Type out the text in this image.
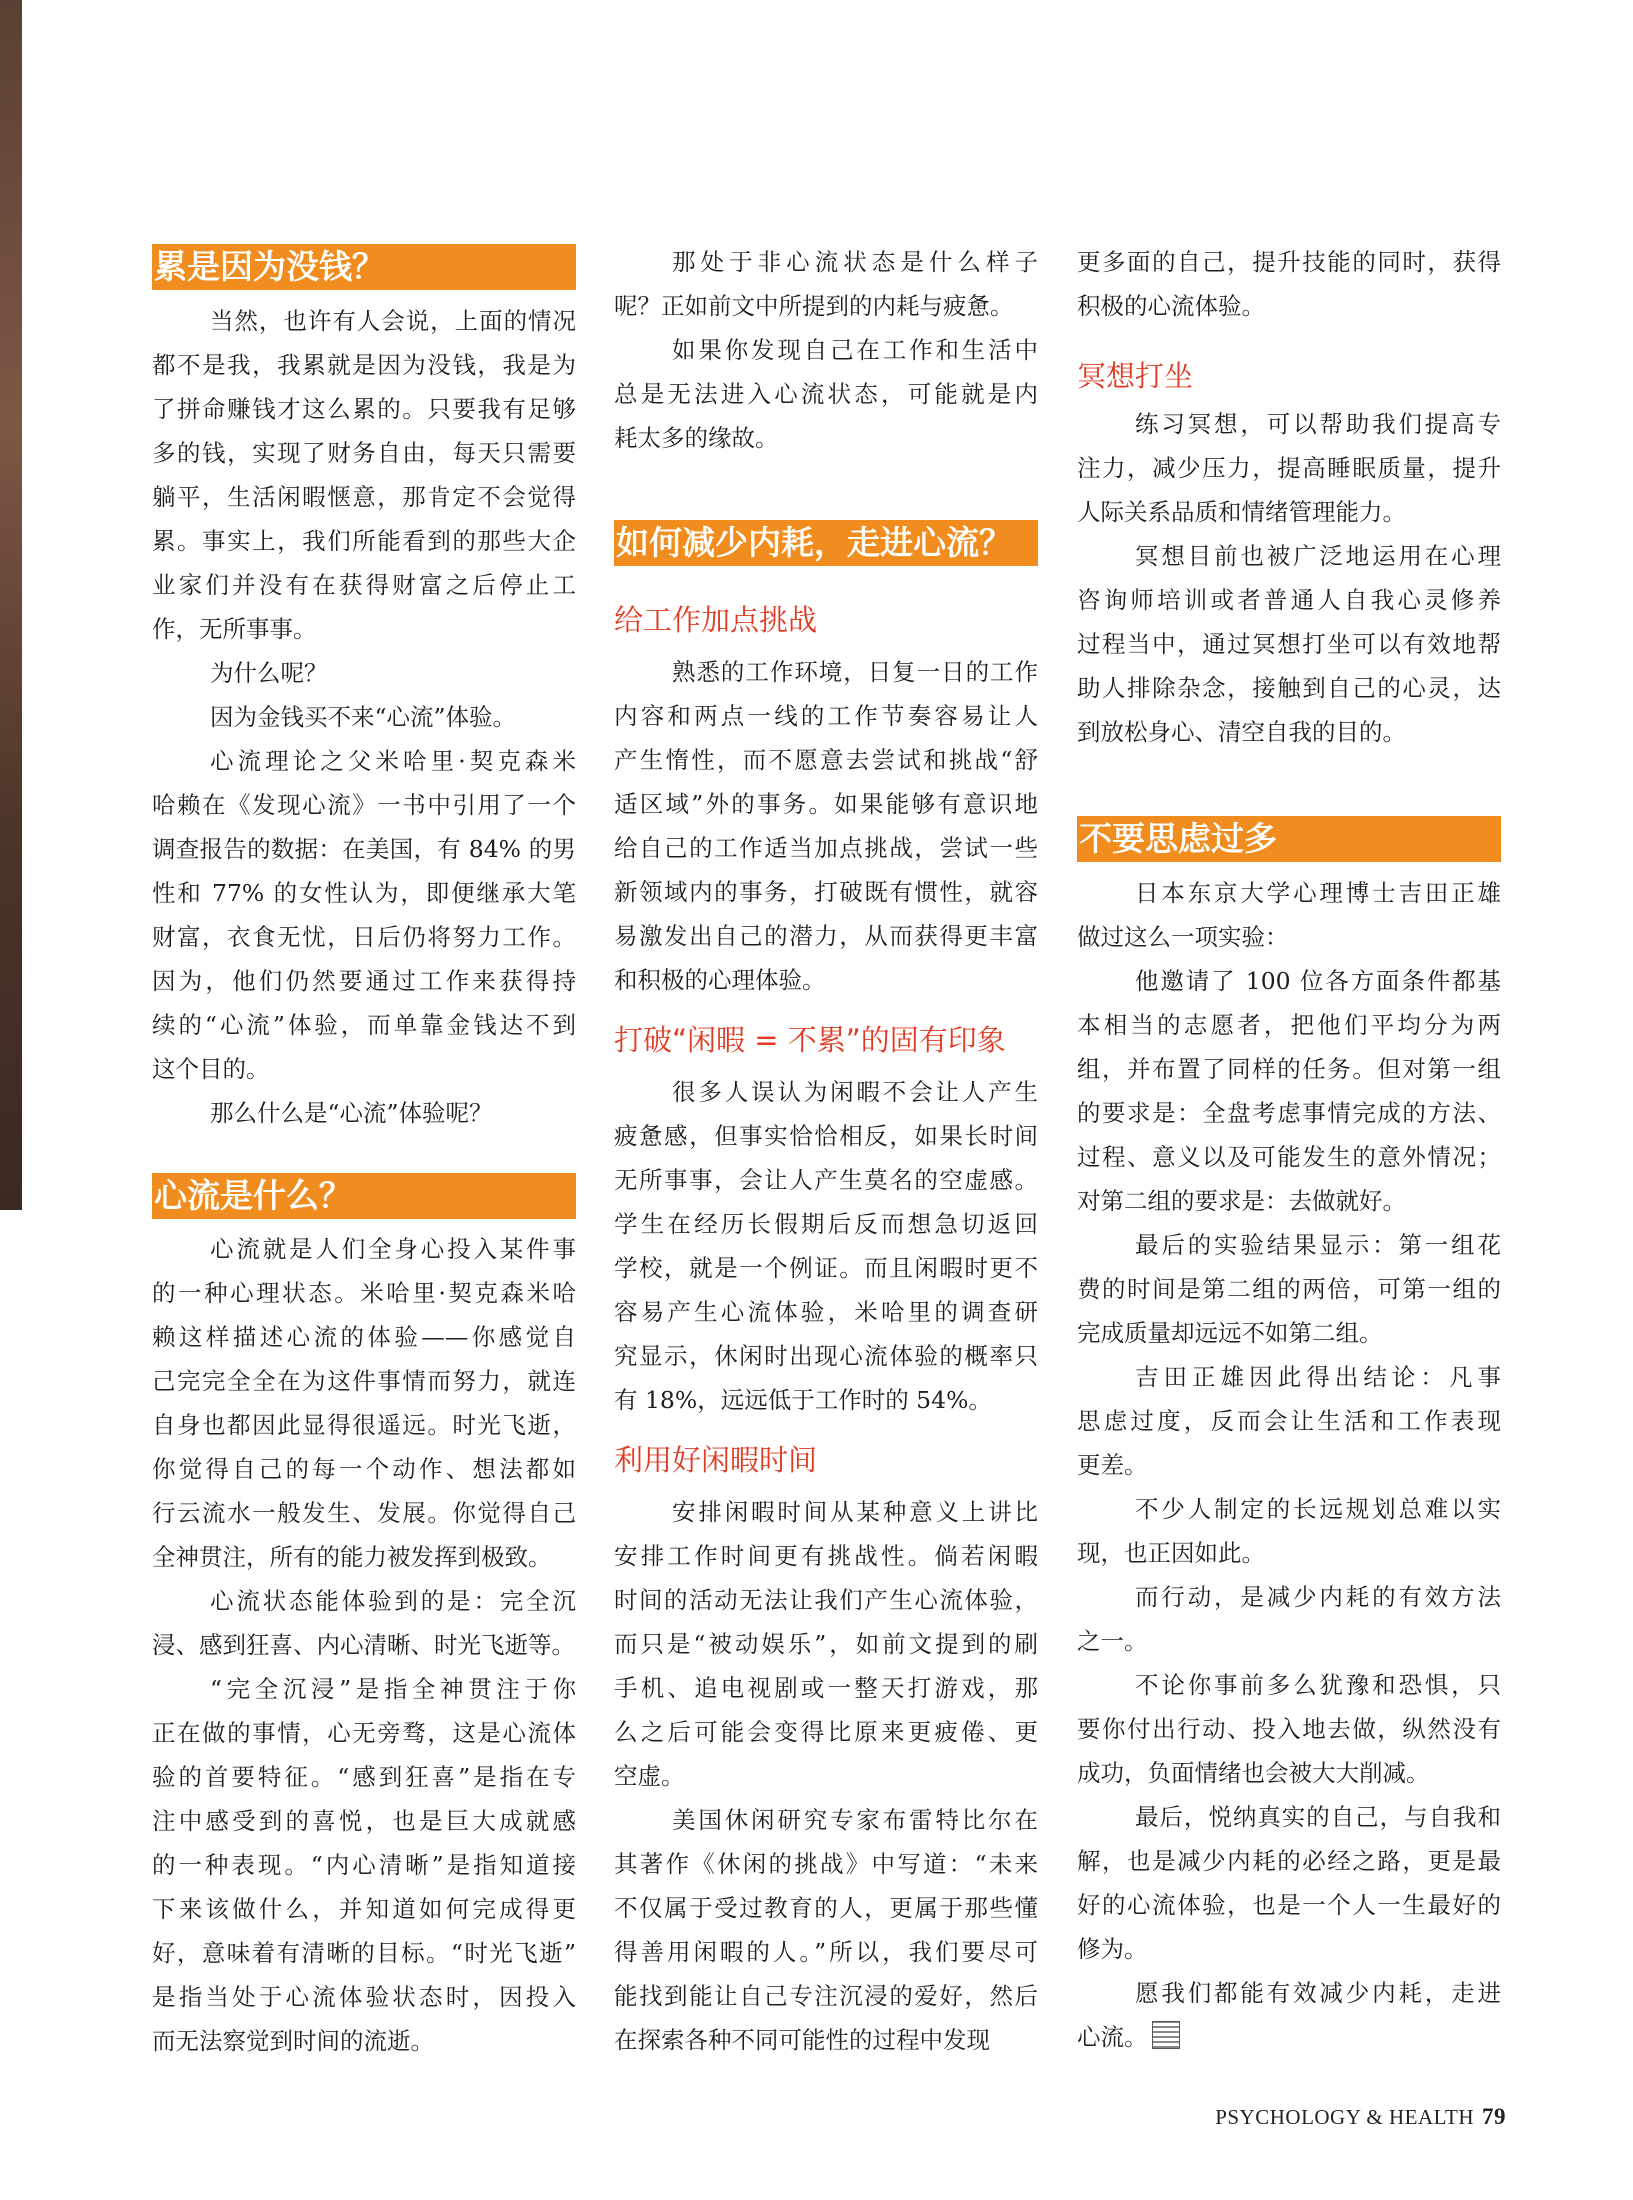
累是因为没钱？
当然，也许有人会说，上面的情况
都不是我，我累就是因为没钱，我是为
了拼命赚钱才这么累的。只要我有足够
多的钱，实现了财务自由，每天只需要
躺平，生活闲暇惬意，那肯定不会觉得
累。事实上，我们所能看到的那些大企
业家们并没有在获得财富之后停止工
作，无所事事。
为什么呢？
因为金钱买不来“心流”体验。
心流理论之父米哈里·契克森米
哈赖在《发现心流》一书中引用了一个
调查报告的数据：在美国，有 84% 的男
性和 77% 的女性认为，即便继承大笔
财富，衣食无忧，日后仍将努力工作。
因为，他们仍然要通过工作来获得持
续的“心流”体验，而单靠金钱达不到
这个目的。
那么什么是“心流”体验呢？
心流是什么？
心流就是人们全身心投入某件事
的一种心理状态。米哈里·契克森米哈
赖这样描述心流的体验——你感觉自
己完完全全在为这件事情而努力，就连
自身也都因此显得很遥远。时光飞逝，
你觉得自己的每一个动作、想法都如
行云流水一般发生、发展。你觉得自己
全神贯注，所有的能力被发挥到极致。
心流状态能体验到的是：完全沉
浸、感到狂喜、内心清晰、时光飞逝等。
“完全沉浸”是指全神贯注于你
正在做的事情，心无旁骛，这是心流体
验的首要特征。“感到狂喜”是指在专
注中感受到的喜悦，也是巨大成就感
的一种表现。“内心清晰”是指知道接
下来该做什么，并知道如何完成得更
好，意味着有清晰的目标。“时光飞逝”
是指当处于心流体验状态时，因投入
而无法察觉到时间的流逝。
那处于非心流状态是什么样子
呢？正如前文中所提到的内耗与疲惫。
如果你发现自己在工作和生活中
总是无法进入心流状态，可能就是内
耗太多的缘故。
如何减少内耗，走进心流？
给工作加点挑战
熟悉的工作环境，日复一日的工作
内容和两点一线的工作节奏容易让人
产生惰性，而不愿意去尝试和挑战“舒
适区域”外的事务。如果能够有意识地
给自己的工作适当加点挑战，尝试一些
新领域内的事务，打破既有惯性，就容
易激发出自己的潜力，从而获得更丰富
和积极的心理体验。
打破“闲暇 = 不累”的固有印象
很多人误认为闲暇不会让人产生
疲惫感，但事实恰恰相反，如果长时间
无所事事，会让人产生莫名的空虚感。
学生在经历长假期后反而想急切返回
学校，就是一个例证。而且闲暇时更不
容易产生心流体验，米哈里的调查研
究显示，休闲时出现心流体验的概率只
有 18%，远远低于工作时的 54%。
利用好闲暇时间
安排闲暇时间从某种意义上讲比
安排工作时间更有挑战性。倘若闲暇
时间的活动无法让我们产生心流体验，
而只是“被动娱乐”，如前文提到的刷
手机、追电视剧或一整天打游戏，那
么之后可能会变得比原来更疲倦、更
空虚。
美国休闲研究专家布雷特比尔在
其著作《休闲的挑战》中写道：“未来
不仅属于受过教育的人，更属于那些懂
得善用闲暇的人。”所以，我们要尽可
能找到能让自己专注沉浸的爱好，然后
在探索各种不同可能性的过程中发现
更多面的自己，提升技能的同时，获得
积极的心流体验。
冥想打坐
练习冥想，可以帮助我们提高专
注力，减少压力，提高睡眠质量，提升
人际关系品质和情绪管理能力。
冥想目前也被广泛地运用在心理
咨询师培训或者普通人自我心灵修养
过程当中，通过冥想打坐可以有效地帮
助人排除杂念，接触到自己的心灵，达
到放松身心、清空自我的目的。
不要思虑过多
日本东京大学心理博士吉田正雄
做过这么一项实验：
他邀请了 100 位各方面条件都基
本相当的志愿者，把他们平均分为两
组，并布置了同样的任务。但对第一组
的要求是：全盘考虑事情完成的方法、
过程、意义以及可能发生的意外情况；
对第二组的要求是：去做就好。
最后的实验结果显示：第一组花
费的时间是第二组的两倍，可第一组的
完成质量却远远不如第二组。
吉田正雄因此得出结论：凡事
思虑过度，反而会让生活和工作表现
更差。
不少人制定的长远规划总难以实
现，也正因如此。
而行动，是减少内耗的有效方法
之一。
不论你事前多么犹豫和恐惧，只
要你付出行动、投入地去做，纵然没有
成功，负面情绪也会被大大削减。
最后，悦纳真实的自己，与自我和
解，也是减少内耗的必经之路，更是最
好的心流体验，也是一个人一生最好的
修为。
愿我们都能有效减少内耗，走进
心流。
PSYCHOLOGY & HEALTH 79
